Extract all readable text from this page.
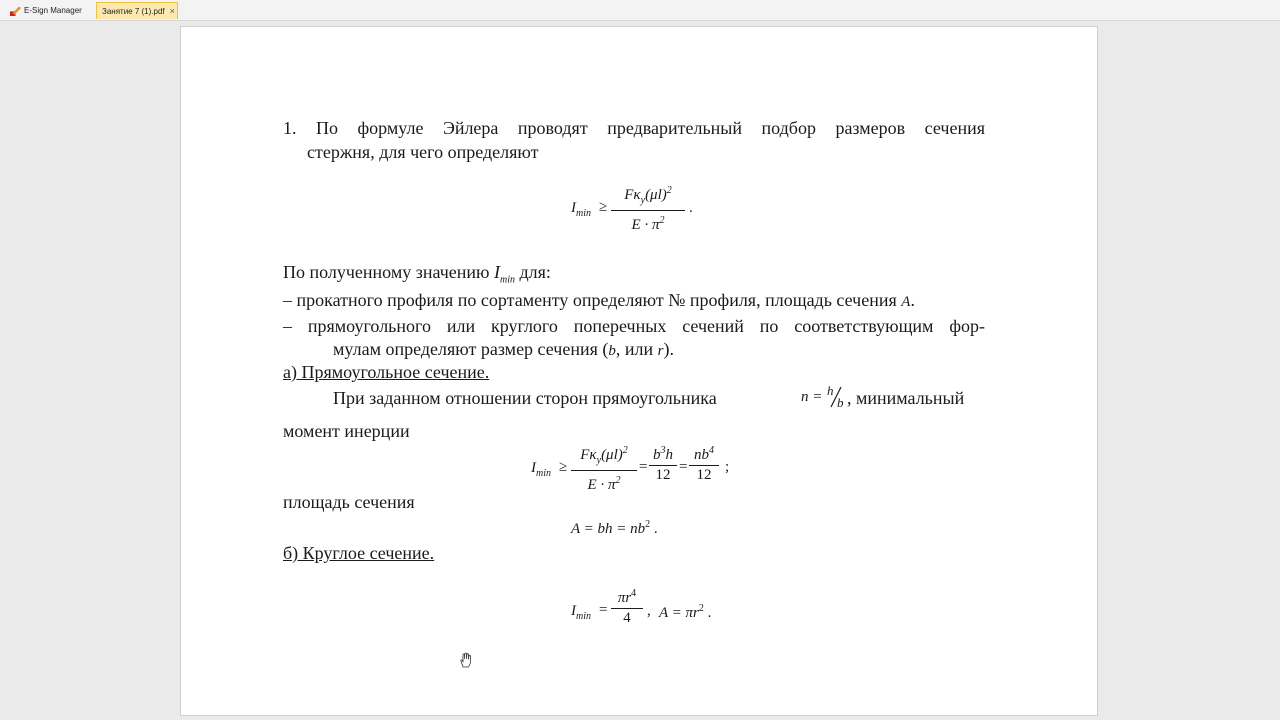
E-Sign Manager	Занятие 7 (1).pdf ×
1. По формуле Эйлера проводят предварительный подбор размеров сечения
стержня, для чего определяют
$I_{min}$ ≥
$F\kappa_y(\mu l)^2$
$E \cdot \pi^2$
.
По полученному значению $I_{min}$ для:
– прокатного профиля по сортаменту определяют № профиля, площадь сечения A.
– прямоугольного или круглого поперечных сечений по соответствующим фор-
мулам определяют размер сечения (b, или r).
а) Прямоугольное сечение.
При заданном отношении сторон прямоугольника	n = h
b , минимальный
момент инерции
$I_{min}$ ≥
$F\kappa_y(\mu l)^2$
$E \cdot \pi^2$
=
$b^3h$
12 =
$nb^4$
12 ;
площадь сечения
A = bh = $nb^2$ .
б) Круглое сечение.
$I_{min}$ =
$\pi r^4$
4	, $A = \pi r^2$ .
